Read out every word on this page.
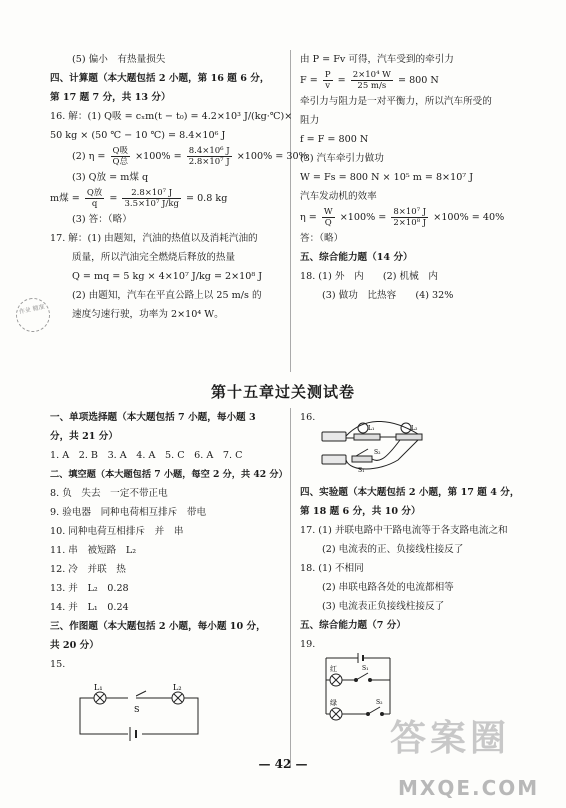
(5) 偏小　有热量损失
四、计算题（本大题包括 2 小题，第 16 题 6 分，
第 17 题 7 分，共 13 分）
16. 解：(1) Q吸 = cₓm(t − t₀) = 4.2×10³ J/(kg·℃)×
50 kg × (50 ℃ − 10 ℃) = 8.4×10⁶ J
(2) $\eta = \frac{\text{Q吸}}{\text{Q总}} \times 100\% = \frac{\text{8.4×10⁶ J}}{\text{2.8×10⁷ J}} \times 100\% = 30\%$
(3) Q放 = m煤 q
m煤 = $\frac{\text{Q放}}{q} = \frac{\text{2.8×10⁷ J}}{\text{3.5×10⁷ J/kg}} = 0.8$ kg
(3) 答：（略）
17. 解：(1) 由题知，汽油的热值以及消耗汽油的
质量，所以汽油完全燃烧后释放的热量
Q = mq = 5 kg × 4×10⁷ J/kg = 2×10⁸ J
(2) 由题知，汽车在平直公路上以 25 m/s 的
速度匀速行驶，功率为 2×10⁴ W。
作业 精准
由 P = Fv 可得，汽车受到的牵引力
$F = \frac{P}{v} = \frac{\text{2×10⁴ W}}{25 m/s} = 800$ N
牵引力与阻力是一对平衡力，所以汽车所受的
阻力
f = F = 800 N
(3) 汽车牵引力做功
W = Fs = 800 N × 10⁵ m = 8×10⁷ J
汽车发动机的效率
$\eta = \frac{W}{Q} \times 100\% = \frac{\text{8×10⁷ J}}{\text{2×10⁸ J}} \times 100\% = 40\%$
答：（略）
五、综合能力题（14 分）
18. (1) 外　内　　(2) 机械　内
(3) 做功　比热容　　(4) 32%
第十五章过关测试卷
一、单项选择题（本大题包括 7 小题，每小题 3
分，共 21 分）
1. A　2. B　3. A　4. A　5. C　6. A　7. C
二、填空题（本大题包括 7 小题，每空 2 分，共 42 分）
8. 负　失去　一定不带正电
9. 验电器　同种电荷相互排斥　带电
10. 同种电荷互相排斥　并　串
11. 串　被短路　L₂
12. 冷　并联　热
13. 并　L₂　0.28
14. 并　L₁　0.24
三、作图题（本大题包括 2 小题，每小题 10 分，
共 20 分）
15.
L₁	L₂
S
16.
L₁	L₂
S₁
S₂
四、实验题（本大题包括 2 小题，第 17 题 4 分，
第 18 题 6 分，共 10 分）
17. (1) 并联电路中干路电流等于各支路电流之和
(2) 电流表的正、负接线柱接反了
18. (1) 不相同
(2) 串联电路各处的电流都相等
(3) 电流表正负接线柱接反了
五、综合能力题（7 分）
19.
红
绿
S₁
S₂
答案圈
MXQE.COM
— 42 —
